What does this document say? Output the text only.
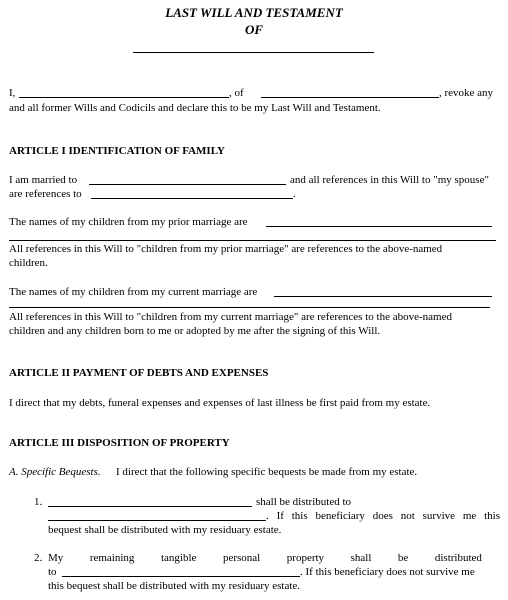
LAST WILL AND TESTAMENT
OF
I,	, of	, revoke any
and all former Wills and Codicils and declare this to be my Last Will and Testament.
ARTICLE I IDENTIFICATION OF FAMILY
I am married to	and all references in this Will to "my spouse"
are references to	.
The names of my children from my prior marriage are
All references in this Will to "children from my prior marriage" are references to the above-named
children.
The names of my children from my current marriage are
All references in this Will to "children from my current marriage" are references to the above-named
children and any children born to me or adopted by me after the signing of this Will.
ARTICLE II PAYMENT OF DEBTS AND EXPENSES
I direct that my debts, funeral expenses and expenses of last illness be first paid from my estate.
ARTICLE III DISPOSITION OF PROPERTY
A. Specific Bequests. I direct that the following specific bequests be made from my estate.
1.	shall be distributed to
. If this beneficiary does not survive me this
bequest shall be distributed with my residuary estate.
2. My remaining tangible personal property shall be distributed
to	. If this beneficiary does not survive me
this bequest shall be distributed with my residuary estate.
